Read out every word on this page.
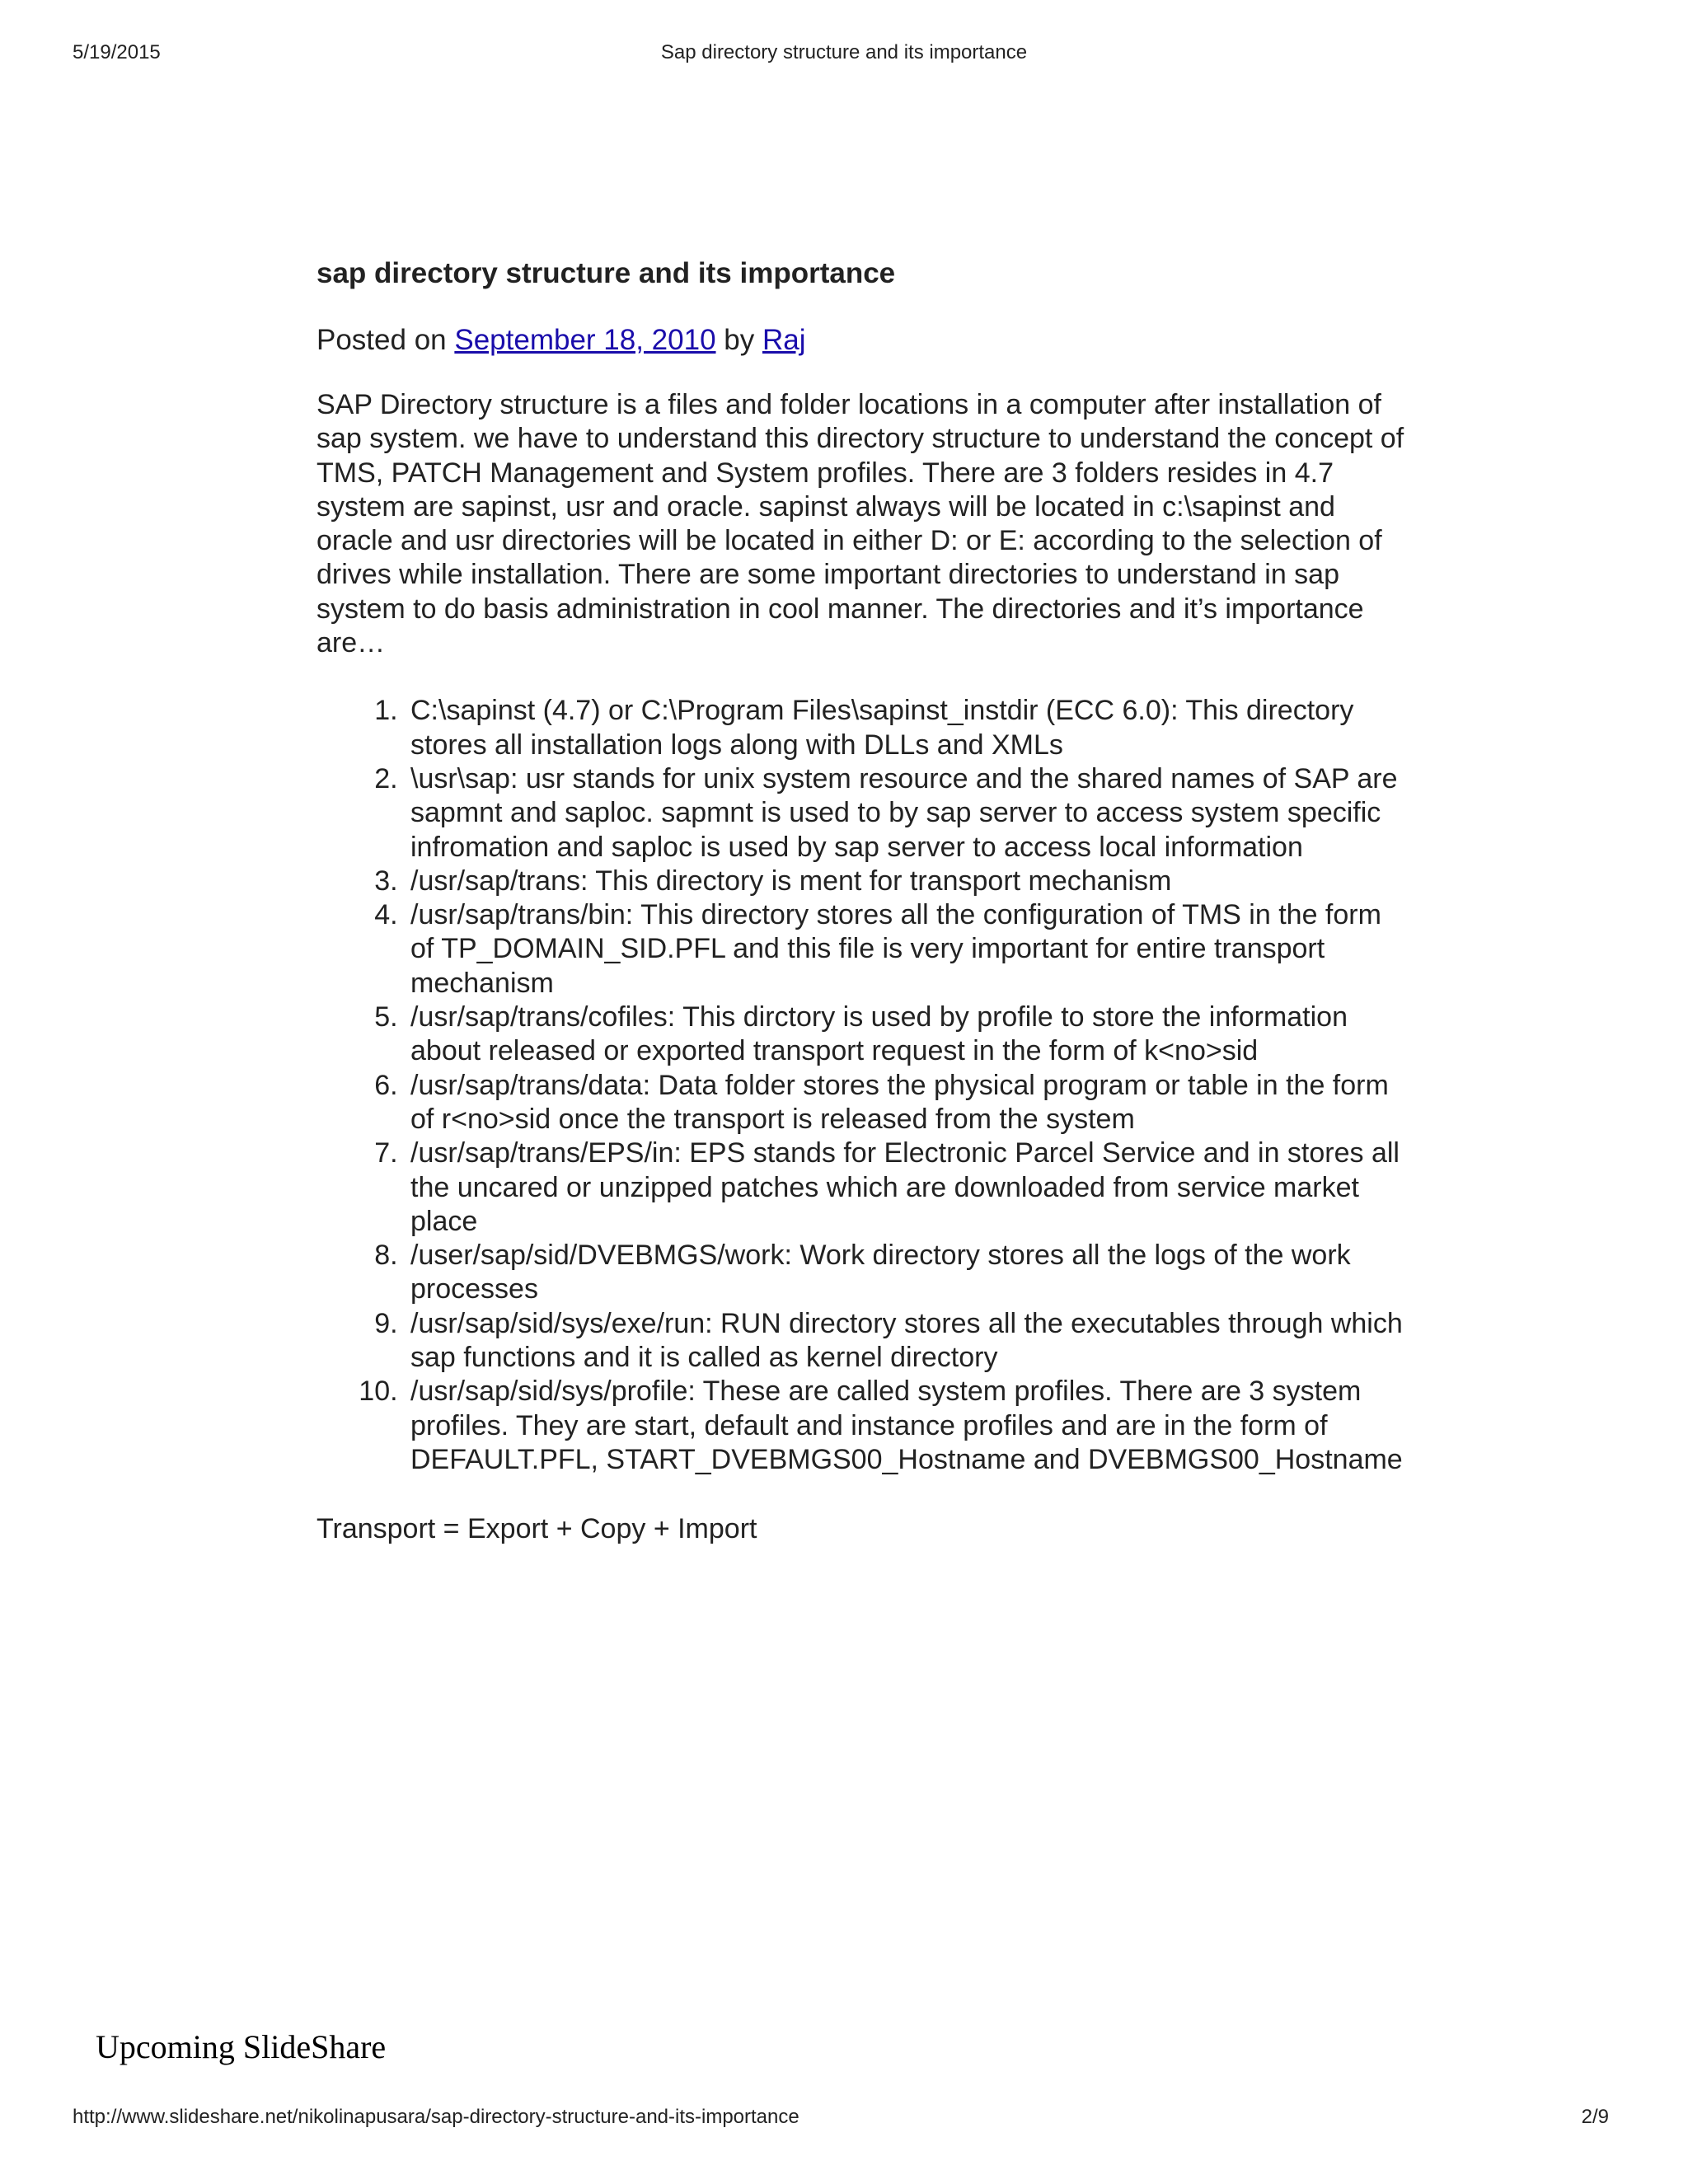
5/19/2015	Sap directory structure and its importance
sap directory structure and its importance
Posted on September 18, 2010 by Raj
SAP Directory structure is a files and folder locations in a computer after installation of sap system. we have to understand this directory structure to understand the concept of TMS, PATCH Management and System profiles. There are 3 folders resides in 4.7 system are sapinst, usr and oracle. sapinst always will be located in c:\sapinst and oracle and usr directories will be located in either D: or E: according to the selection of drives while installation. There are some important directories to understand in sap system to do basis administration in cool manner. The directories and it’s importance are…
1. C:\sapinst (4.7) or C:\Program Files\sapinst_instdir (ECC 6.0): This directory stores all installation logs along with DLLs and XMLs
2. \usr\sap: usr stands for unix system resource and the shared names of SAP are sapmnt and saploc. sapmnt is used to by sap server to access system specific infromation and saploc is used by sap server to access local information
3. /usr/sap/trans: This directory is ment for transport mechanism
4. /usr/sap/trans/bin: This directory stores all the configuration of TMS in the form of TP_DOMAIN_SID.PFL and this file is very important for entire transport mechanism
5. /usr/sap/trans/cofiles: This dirctory is used by profile to store the information about released or exported transport request in the form of k<no>sid
6. /usr/sap/trans/data: Data folder stores the physical program or table in the form of r<no>sid once the transport is released from the system
7. /usr/sap/trans/EPS/in: EPS stands for Electronic Parcel Service and in stores all the uncared or unzipped patches which are downloaded from service market place
8. /user/sap/sid/DVEBMGS/work: Work directory stores all the logs of the work processes
9. /usr/sap/sid/sys/exe/run: RUN directory stores all the executables through which sap functions and it is called as kernel directory
10. /usr/sap/sid/sys/profile: These are called system profiles. There are 3 system profiles. They are start, default and instance profiles and are in the form of DEFAULT.PFL, START_DVEBMGS00_Hostname and DVEBMGS00_Hostname
Transport = Export + Copy + Import
Upcoming SlideShare
http://www.slideshare.net/nikolinapusara/sap-directory-structure-and-its-importance	2/9
